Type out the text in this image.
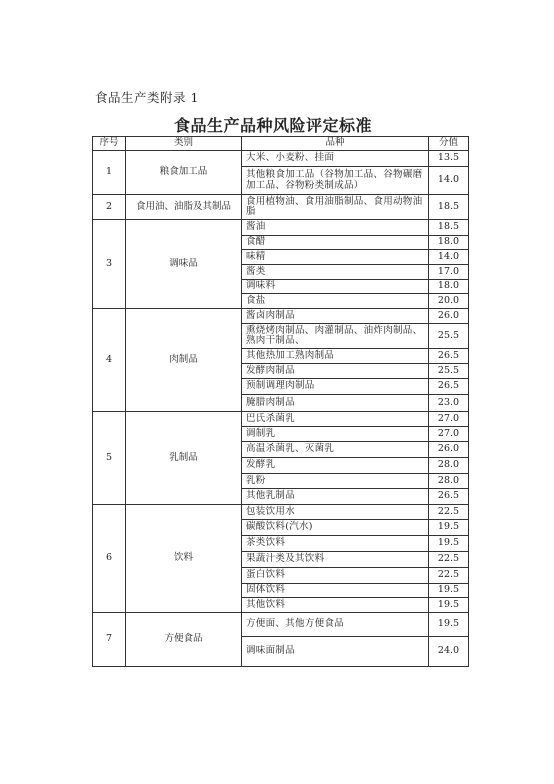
食品生产类附录 1
食品生产品种风险评定标准
序号	类别	品种	分值
1	粮食加工品	大米、小麦粉、挂面	13.5
		其他粮食加工品（谷物加工品、谷物碾磨加工品、谷物粉类制成品）	14.0
2	食用油、油脂及其制品	食用植物油、食用油脂制品、食用动物油脂	18.5
3	调味品	酱油	18.5
		食醋	18.0
		味精	14.0
		酱类	17.0
		调味料	18.0
		食盐	20.0
4	肉制品	酱卤肉制品	26.0
		熏烧烤肉制品、肉灌制品、油炸肉制品、熟肉干制品、	25.5
		其他热加工熟肉制品	26.5
		发酵肉制品	25.5
		预制调理肉制品	26.5
		腌腊肉制品	23.0
5	乳制品	巴氏杀菌乳	27.0
		调制乳	27.0
		高温杀菌乳、灭菌乳	26.0
		发酵乳	28.0
		乳粉	28.0
		其他乳制品	26.5
6	饮料	包装饮用水	22.5
		碳酸饮料(汽水)	19.5
		茶类饮料	19.5
		果蔬汁类及其饮料	22.5
		蛋白饮料	22.5
		固体饮料	19.5
		其他饮料	19.5
7	方便食品	方便面、其他方便食品	19.5
		调味面制品	24.0
